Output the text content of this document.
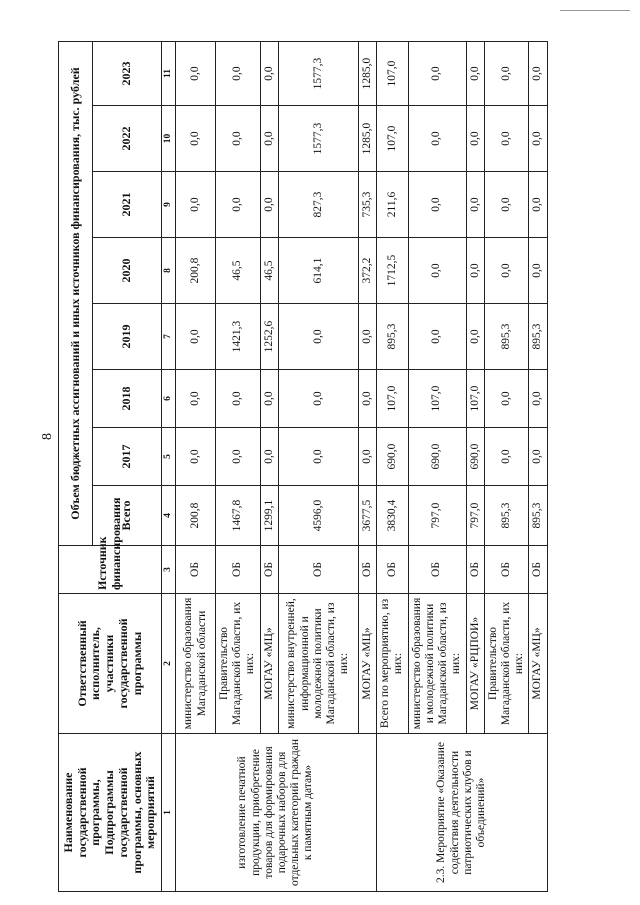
8
Наименование государственной программы, Подпрограммы государственной программы, основных мероприятий	Ответственный исполнитель, участники государственной программы	Источник финансирования	Объем бюджетных ассигнований и иных источников финансирования, тыс. рублей							
			Всего	2017	2018	2019	2020	2021	2022	2023
1	2	3	4	5	6	7	8	9	10	11
изготовление печатной продукции, приобретение товаров для формирования подарочных наборов для отдельных категорий граждан к памятным датам»	министерство образования Магаданской области	ОБ	200,8	0,0	0,0	0,0	200,8	0,0	0,0	0,0
	Правительство Магаданской области, их них:	ОБ	1467,8	0,0	0,0	1421,3	46,5	0,0	0,0	0,0
	МОГАУ «МЦ»	ОБ	1299,1	0,0	0,0	1252,6	46,5	0,0	0,0	0,0
	министерство внутренней, информационной и молодежной политики Магаданской области, из них:	ОБ	4596,0	0,0	0,0	0,0	614,1	827,3	1577,3	1577,3
	МОГАУ «МЦ»	ОБ	3677,5	0,0	0,0	0,0	372,2	735,3	1285,0	1285,0
2.3. Мероприятие «Оказание содействия деятельности патриотических клубов и объединений»	Всего по мероприятию, из них:	ОБ	3830,4	690,0	107,0	895,3	1712,5	211,6	107,0	107,0
	министерство образования и молодежной политики Магаданской области, из них:	ОБ	797,0	690,0	107,0	0,0	0,0	0,0	0,0	0,0
	МОГАУ «РЦПОИ»	ОБ	797,0	690,0	107,0	0,0	0,0	0,0	0,0	0,0
	Правительство Магаданской области, их них:	ОБ	895,3	0,0	0,0	895,3	0,0	0,0	0,0	0,0
	МОГАУ «МЦ»	ОБ	895,3	0,0	0,0	895,3	0,0	0,0	0,0	0,0
